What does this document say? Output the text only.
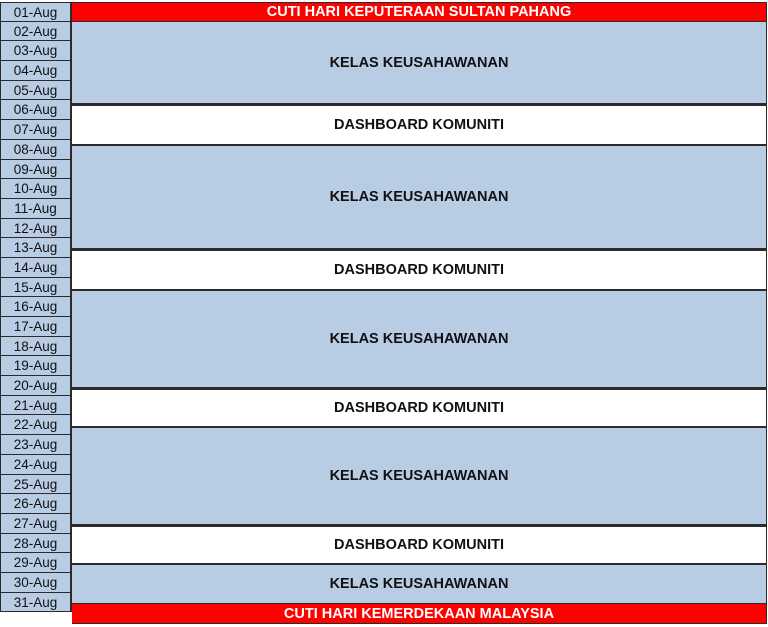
01-Aug
02-Aug
03-Aug
04-Aug
05-Aug
06-Aug
07-Aug
08-Aug
09-Aug
10-Aug
11-Aug
12-Aug
13-Aug
14-Aug
15-Aug
16-Aug
17-Aug
18-Aug
19-Aug
20-Aug
21-Aug
22-Aug
23-Aug
24-Aug
25-Aug
26-Aug
27-Aug
28-Aug
29-Aug
30-Aug
31-Aug
CUTI HARI KEPUTERAAN SULTAN PAHANG
KELAS KEUSAHAWANAN
DASHBOARD KOMUNITI
KELAS KEUSAHAWANAN
DASHBOARD KOMUNITI
KELAS KEUSAHAWANAN
DASHBOARD KOMUNITI
KELAS KEUSAHAWANAN
DASHBOARD KOMUNITI
KELAS KEUSAHAWANAN
CUTI HARI KEMERDEKAAN MALAYSIA
